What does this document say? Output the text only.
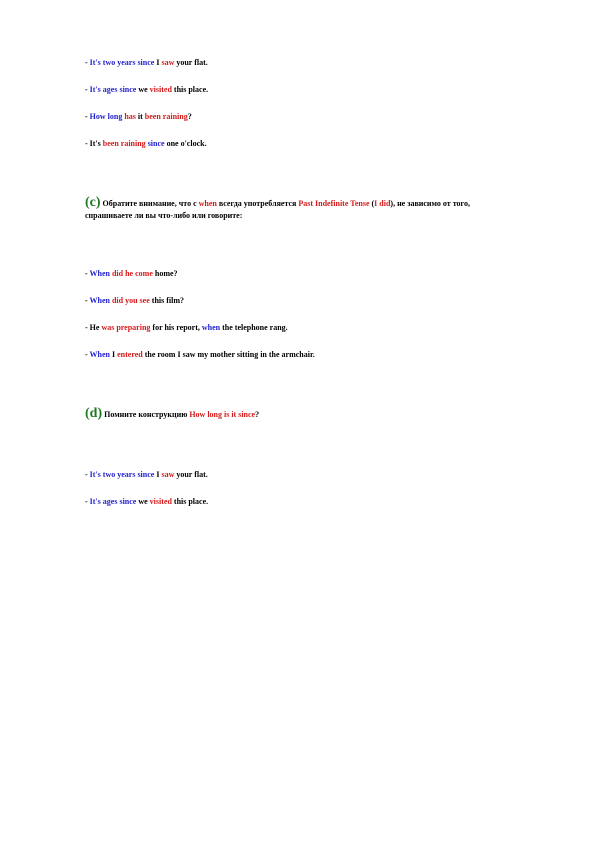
- It's two years since I saw your flat.
- It's ages since we visited this place.
- How long has it been raining?
- It's been raining since one o'clock.
(c) Обратите внимание, что с when всегда употребляется Past Indefinite Tense (I did), не зависимо от того, спрашиваете ли вы что-либо или говорите:
- When did he come home?
- When did you see this film?
- He was preparing for his report, when the telephone rang.
- When I entered the room I saw my mother sitting in the armchair.
(d) Помните конструкцию How long is it since?
- It's two years since I saw your flat.
- It's ages since we visited this place.
